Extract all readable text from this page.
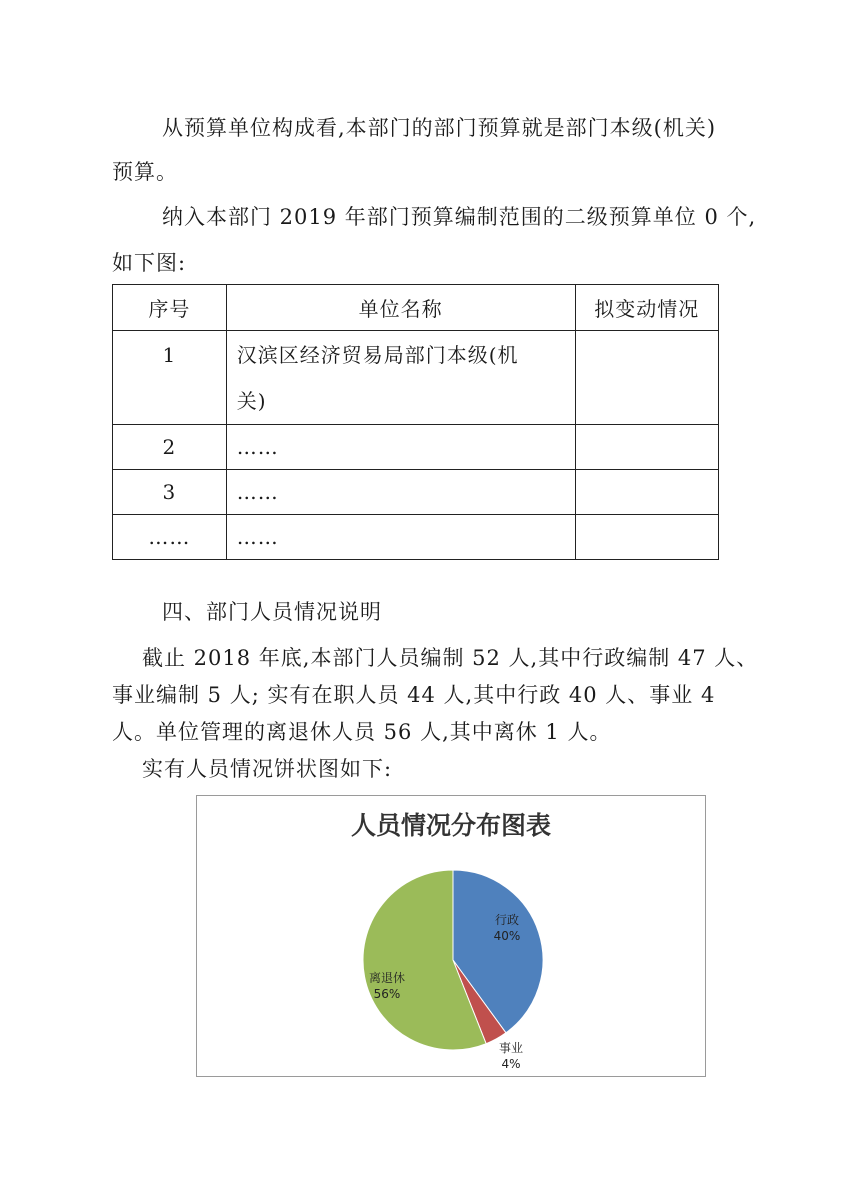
从预算单位构成看,本部门的部门预算就是部门本级(机关)
预算。
纳入本部门 2019 年部门预算编制范围的二级预算单位 0 个,
如下图:
序号	单位名称	拟变动情况

1	汉滨区经济贸易局部门本级(机
关)	

2	……	

3	……	

……	……	

四、部门人员情况说明
截止 2018 年底,本部门人员编制 52 人,其中行政编制 47 人、
事业编制 5 人; 实有在职人员 44 人,其中行政 40 人、事业 4
人。单位管理的离退休人员 56 人,其中离休 1 人。
实有人员情况饼状图如下:
人员情况分布图表
行政
40%
事业
4%
离退休
56%
